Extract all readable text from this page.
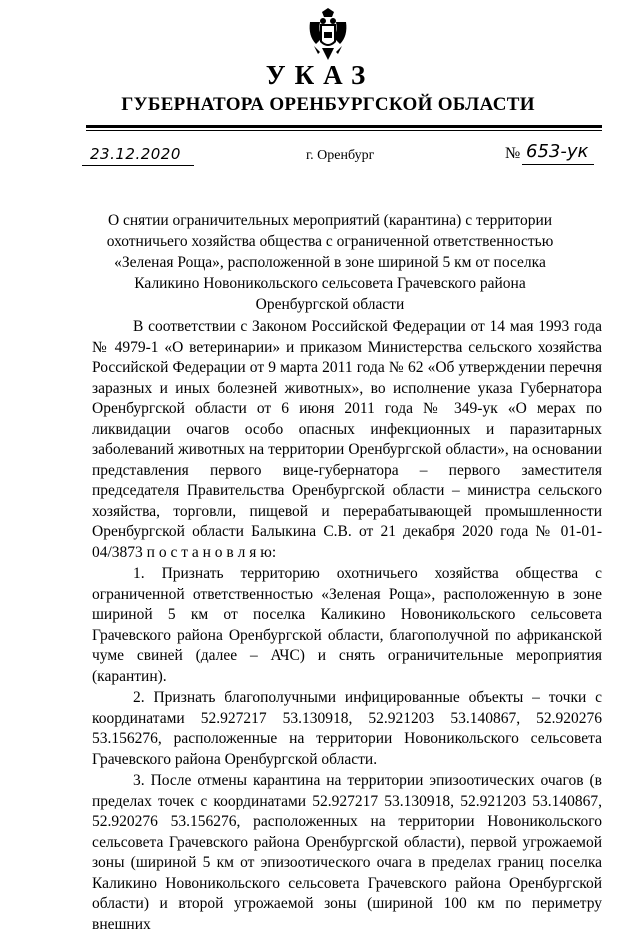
УКАЗ
ГУБЕРНАТОРА ОРЕНБУРГСКОЙ ОБЛАСТИ
23.12.2020	г. Оренбург	№ 653-ук
О снятии ограничительных мероприятий (карантина) с территории охотничьего хозяйства общества с ограниченной ответственностью «Зеленая Роща», расположенной в зоне шириной 5 км от поселка Каликино Новоникольского сельсовета Грачевского района Оренбургской области

В соответствии с Законом Российской Федерации от 14 мая 1993 года № 4979-1 «О ветеринарии» и приказом Министерства сельского хозяйства Российской Федерации от 9 марта 2011 года № 62 «Об утверждении перечня заразных и иных болезней животных», во исполнение указа Губернатора Оренбургской области от 6 июня 2011 года № 349-ук «О мерах по ликвидации очагов особо опасных инфекционных и паразитарных заболеваний животных на территории Оренбургской области», на основании представления первого вице-губернатора – первого заместителя председателя Правительства Оренбургской области – министра сельского хозяйства, торговли, пищевой и перерабатывающей промышленности Оренбургской области Балыкина С.В. от 21 декабря 2020 года № 01-01-04/3873 п о с т а н о в л я ю:

1. Признать территорию охотничьего хозяйства общества с ограниченной ответственностью «Зеленая Роща», расположенную в зоне шириной 5 км от поселка Каликино Новоникольского сельсовета Грачевского района Оренбургской области, благополучной по африканской чуме свиней (далее – АЧС) и снять ограничительные мероприятия (карантин).

2. Признать благополучными инфицированные объекты – точки с координатами 52.927217 53.130918, 52.921203 53.140867, 52.920276 53.156276, расположенные на территории Новоникольского сельсовета Грачевского района Оренбургской области.

3. После отмены карантина на территории эпизоотических очагов (в пределах точек с координатами 52.927217 53.130918, 52.921203 53.140867, 52.920276 53.156276, расположенных на территории Новоникольского сельсовета Грачевского района Оренбургской области), первой угрожаемой зоны (шириной 5 км от эпизоотического очага в пределах границ поселка Каликино Новоникольского сельсовета Грачевского района Оренбургской области) и второй угрожаемой зоны (шириной 100 км по периметру внешних
